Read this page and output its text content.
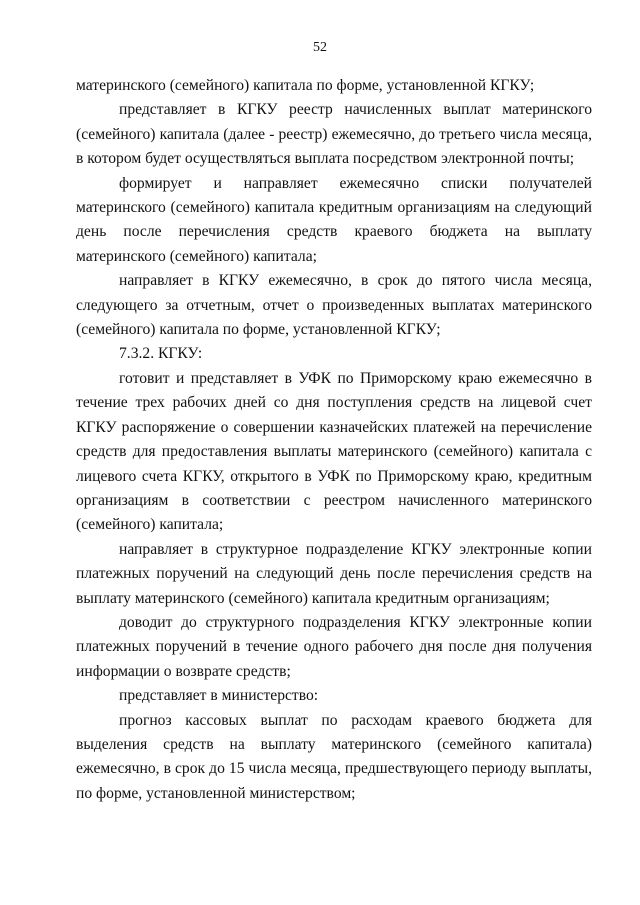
52

материнского (семейного) капитала по форме, установленной КГКУ;

представляет в КГКУ реестр начисленных выплат материнского (семейного) капитала (далее - реестр) ежемесячно, до третьего числа месяца, в котором будет осуществляться выплата посредством электронной почты;

формирует и направляет ежемесячно списки получателей материнского (семейного) капитала кредитным организациям на следующий день после перечисления средств краевого бюджета на выплату материнского (семейного) капитала;

направляет в КГКУ ежемесячно, в срок до пятого числа месяца, следующего за отчетным, отчет о произведенных выплатах материнского (семейного) капитала по форме, установленной КГКУ;

7.3.2. КГКУ:

готовит и представляет в УФК по Приморскому краю ежемесячно в течение трех рабочих дней со дня поступления средств на лицевой счет КГКУ распоряжение о совершении казначейских платежей на перечисление средств для предоставления выплаты материнского (семейного) капитала с лицевого счета КГКУ, открытого в УФК по Приморскому краю, кредитным организациям в соответствии с реестром начисленного материнского (семейного) капитала;

направляет в структурное подразделение КГКУ электронные копии платежных поручений на следующий день после перечисления средств на выплату материнского (семейного) капитала кредитным организациям;

доводит до структурного подразделения КГКУ электронные копии платежных поручений в течение одного рабочего дня после дня получения информации о возврате средств;

представляет в министерство:

прогноз кассовых выплат по расходам краевого бюджета для выделения средств на выплату материнского (семейного капитала) ежемесячно, в срок до 15 числа месяца, предшествующего периоду выплаты, по форме, установленной министерством;
